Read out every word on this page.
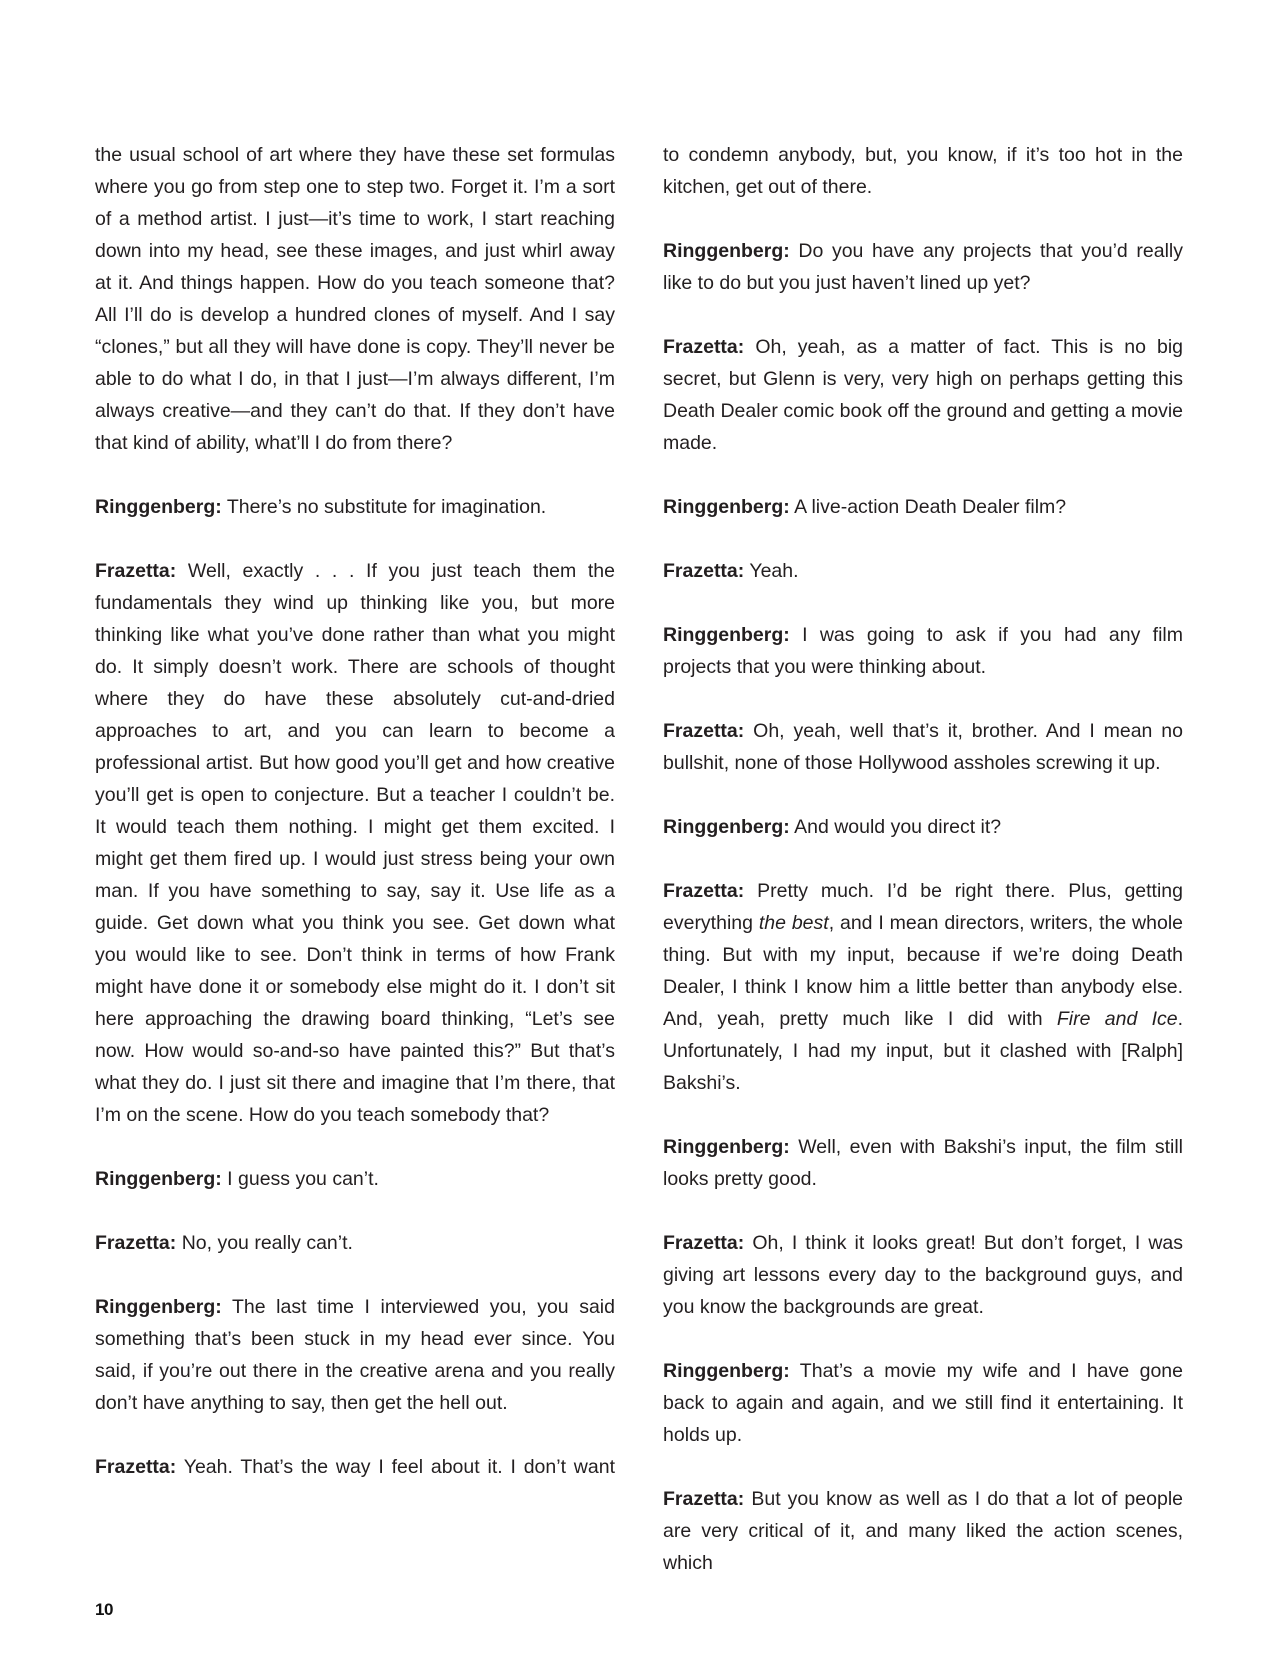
the usual school of art where they have these set formulas where you go from step one to step two. Forget it. I’m a sort of a method artist. I just—it’s time to work, I start reaching down into my head, see these images, and just whirl away at it. And things happen. How do you teach someone that? All I’ll do is develop a hundred clones of myself. And I say “clones,” but all they will have done is copy. They’ll never be able to do what I do, in that I just—I’m always different, I’m always creative—and they can’t do that. If they don’t have that kind of ability, what’ll I do from there?

Ringgenberg: There’s no substitute for imagination.

Frazetta: Well, exactly . . . If you just teach them the fundamentals they wind up thinking like you, but more thinking like what you’ve done rather than what you might do. It simply doesn’t work. There are schools of thought where they do have these absolutely cut-and-dried approaches to art, and you can learn to become a professional artist. But how good you’ll get and how creative you’ll get is open to conjecture. But a teacher I couldn’t be. It would teach them nothing. I might get them excited. I might get them fired up. I would just stress being your own man. If you have something to say, say it. Use life as a guide. Get down what you think you see. Get down what you would like to see. Don’t think in terms of how Frank might have done it or somebody else might do it. I don’t sit here approaching the drawing board thinking, “Let’s see now. How would so-and-so have painted this?” But that’s what they do. I just sit there and imagine that I’m there, that I’m on the scene. How do you teach somebody that?

Ringgenberg: I guess you can’t.

Frazetta: No, you really can’t.

Ringgenberg: The last time I interviewed you, you said something that’s been stuck in my head ever since. You said, if you’re out there in the creative arena and you really don’t have anything to say, then get the hell out.

Frazetta: Yeah. That’s the way I feel about it. I don’t want

to condemn anybody, but, you know, if it’s too hot in the kitchen, get out of there.

Ringgenberg: Do you have any projects that you’d really like to do but you just haven’t lined up yet?

Frazetta: Oh, yeah, as a matter of fact. This is no big secret, but Glenn is very, very high on perhaps getting this Death Dealer comic book off the ground and getting a movie made.

Ringgenberg: A live-action Death Dealer film?

Frazetta: Yeah.

Ringgenberg: I was going to ask if you had any film projects that you were thinking about.

Frazetta: Oh, yeah, well that’s it, brother. And I mean no bullshit, none of those Hollywood assholes screwing it up.

Ringgenberg: And would you direct it?

Frazetta: Pretty much. I’d be right there. Plus, getting everything the best, and I mean directors, writers, the whole thing. But with my input, because if we’re doing Death Dealer, I think I know him a little better than anybody else. And, yeah, pretty much like I did with Fire and Ice. Unfortunately, I had my input, but it clashed with [Ralph] Bakshi’s.

Ringgenberg: Well, even with Bakshi’s input, the film still looks pretty good.

Frazetta: Oh, I think it looks great! But don’t forget, I was giving art lessons every day to the background guys, and you know the backgrounds are great.

Ringgenberg: That’s a movie my wife and I have gone back to again and again, and we still find it entertaining. It holds up.

Frazetta: But you know as well as I do that a lot of people are very critical of it, and many liked the action scenes, which

10
